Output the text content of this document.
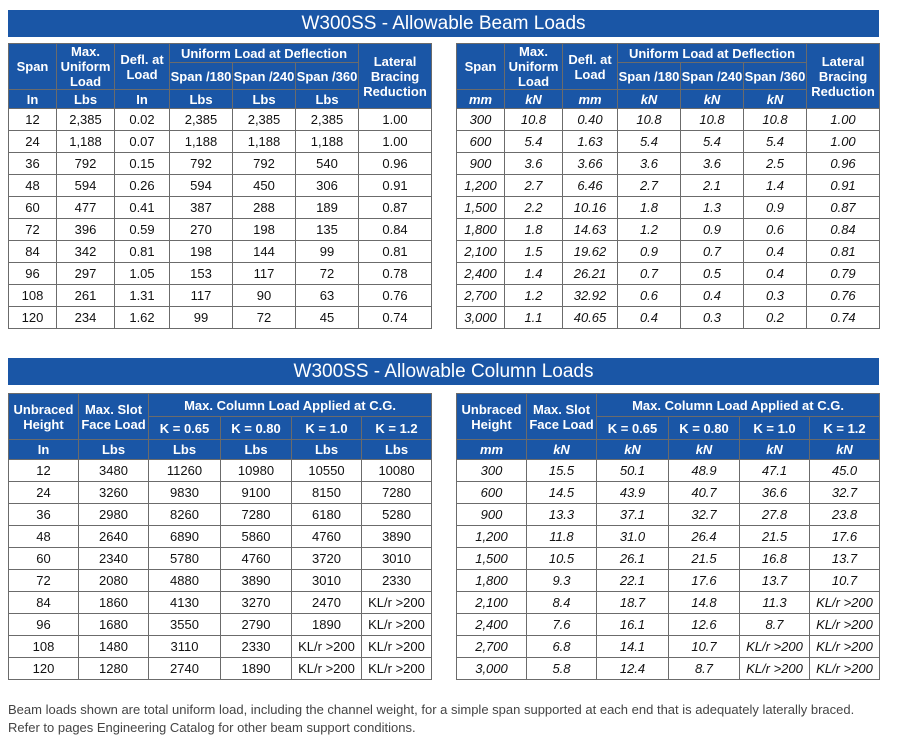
W300SS - Allowable Beam Loads
Span	Max. Uniform Load	Defl. at Load	Uniform Load at Deflection			Lateral Bracing Reduction
			Span /180	Span /240	Span /360	

In	Lbs	In	Lbs	Lbs	Lbs	
12	2,385	0.02	2,385	2,385	2,385	1.00
24	1,188	0.07	1,188	1,188	1,188	1.00
36	792	0.15	792	792	540	0.96
48	594	0.26	594	450	306	0.91
60	477	0.41	387	288	189	0.87
72	396	0.59	270	198	135	0.84
84	342	0.81	198	144	99	0.81
96	297	1.05	153	117	72	0.78
108	261	1.31	117	90	63	0.76
120	234	1.62	99	72	45	0.74
Span	Max. Uniform Load	Defl. at Load	Uniform Load at Deflection			Lateral Bracing Reduction
			Span /180	Span /240	Span /360	

mm	kN	mm	kN	kN	kN	
300	10.8	0.40	10.8	10.8	10.8	1.00
600	5.4	1.63	5.4	5.4	5.4	1.00
900	3.6	3.66	3.6	3.6	2.5	0.96
1,200	2.7	6.46	2.7	2.1	1.4	0.91
1,500	2.2	10.16	1.8	1.3	0.9	0.87
1,800	1.8	14.63	1.2	0.9	0.6	0.84
2,100	1.5	19.62	0.9	0.7	0.4	0.81
2,400	1.4	26.21	0.7	0.5	0.4	0.79
2,700	1.2	32.92	0.6	0.4	0.3	0.76
3,000	1.1	40.65	0.4	0.3	0.2	0.74
W300SS - Allowable Column Loads
Unbraced Height	Max. Slot Face Load	Max. Column Load Applied at C.G.			
		K = 0.65	K = 0.80	K = 1.0	K = 1.2
In	Lbs	Lbs	Lbs	Lbs	Lbs
12	3480	11260	10980	10550	10080
24	3260	9830	9100	8150	7280
36	2980	8260	7280	6180	5280
48	2640	6890	5860	4760	3890
60	2340	5780	4760	3720	3010
72	2080	4880	3890	3010	2330
84	1860	4130	3270	2470	KL/r >200
96	1680	3550	2790	1890	KL/r >200
108	1480	3110	2330	KL/r >200	KL/r >200
120	1280	2740	1890	KL/r >200	KL/r >200
Unbraced Height	Max. Slot Face Load	Max. Column Load Applied at C.G.			
		K = 0.65	K = 0.80	K = 1.0	K = 1.2
mm	kN	kN	kN	kN	kN
300	15.5	50.1	48.9	47.1	45.0
600	14.5	43.9	40.7	36.6	32.7
900	13.3	37.1	32.7	27.8	23.8
1,200	11.8	31.0	26.4	21.5	17.6
1,500	10.5	26.1	21.5	16.8	13.7
1,800	9.3	22.1	17.6	13.7	10.7
2,100	8.4	18.7	14.8	11.3	KL/r >200
2,400	7.6	16.1	12.6	8.7	KL/r >200
2,700	6.8	14.1	10.7	KL/r >200	KL/r >200
3,000	5.8	12.4	8.7	KL/r >200	KL/r >200
Beam loads shown are total uniform load, including the channel weight, for a simple span supported at each end that is adequately laterally braced.
Refer to pages Engineering Catalog for other beam support conditions.
